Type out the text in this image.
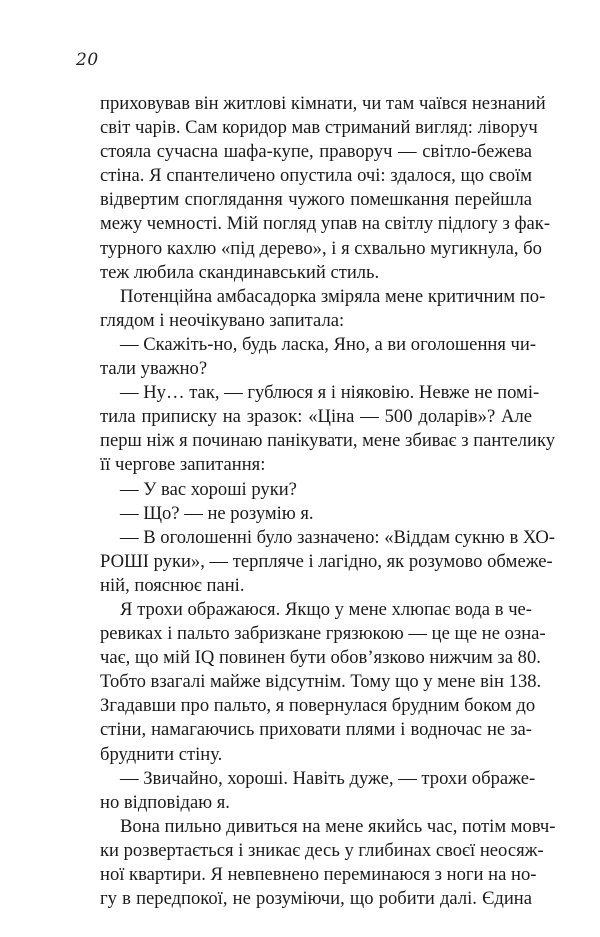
20
приховував він житлові кімнати, чи там чаївся незнаний
світ чарів. Сам коридор мав стриманий вигляд: ліворуч
стояла сучасна шафа-купе, праворуч — світло-бежева
стіна. Я спантеличено опустила очі: здалося, що своїм
відвертим споглядання чужого помешкання перейшла
межу чемності. Мій погляд упав на світлу підлогу з фак-
турного кахлю «під дерево», і я схвально мугикнула, бо
теж любила скандинавський стиль.
Потенційна амбасадорка зміряла мене критичним по-
глядом і неочікувано запитала:
— Скажіть-но, будь ласка, Яно, а ви оголошення чи-
тали уважно?
— Ну… так, — гублюся я і ніяковію. Невже не помі-
тила приписку на зразок: «Ціна — 500 доларів»? Але
перш ніж я починаю панікувати, мене збиває з пантелику
її чергове запитання:
— У вас хороші руки?
— Що? — не розумію я.
— В оголошенні було зазначено: «Віддам сукню в ХО-
РОШІ руки», — терпляче і лагідно, як розумово обмеже-
ній, пояснює пані.
Я трохи ображаюся. Якщо у мене хлюпає вода в че-
ревиках і пальто забризкане грязюкою — це ще не озна-
чає, що мій IQ повинен бути обов’язково нижчим за 80.
Тобто взагалі майже відсутнім. Тому що у мене він 138.
Згадавши про пальто, я повернулася брудним боком до
стіни, намагаючись приховати плями і водночас не за-
бруднити стіну.
— Звичайно, хороші. Навіть дуже, — трохи ображе-
но відповідаю я.
Вона пильно дивиться на мене якийсь час, потім мовч-
ки розвертається і зникає десь у глибинах своєї неосяж-
ної квартири. Я невпевнено переминаюся з ноги на но-
гу в передпокої, не розуміючи, що робити далі. Єдина
